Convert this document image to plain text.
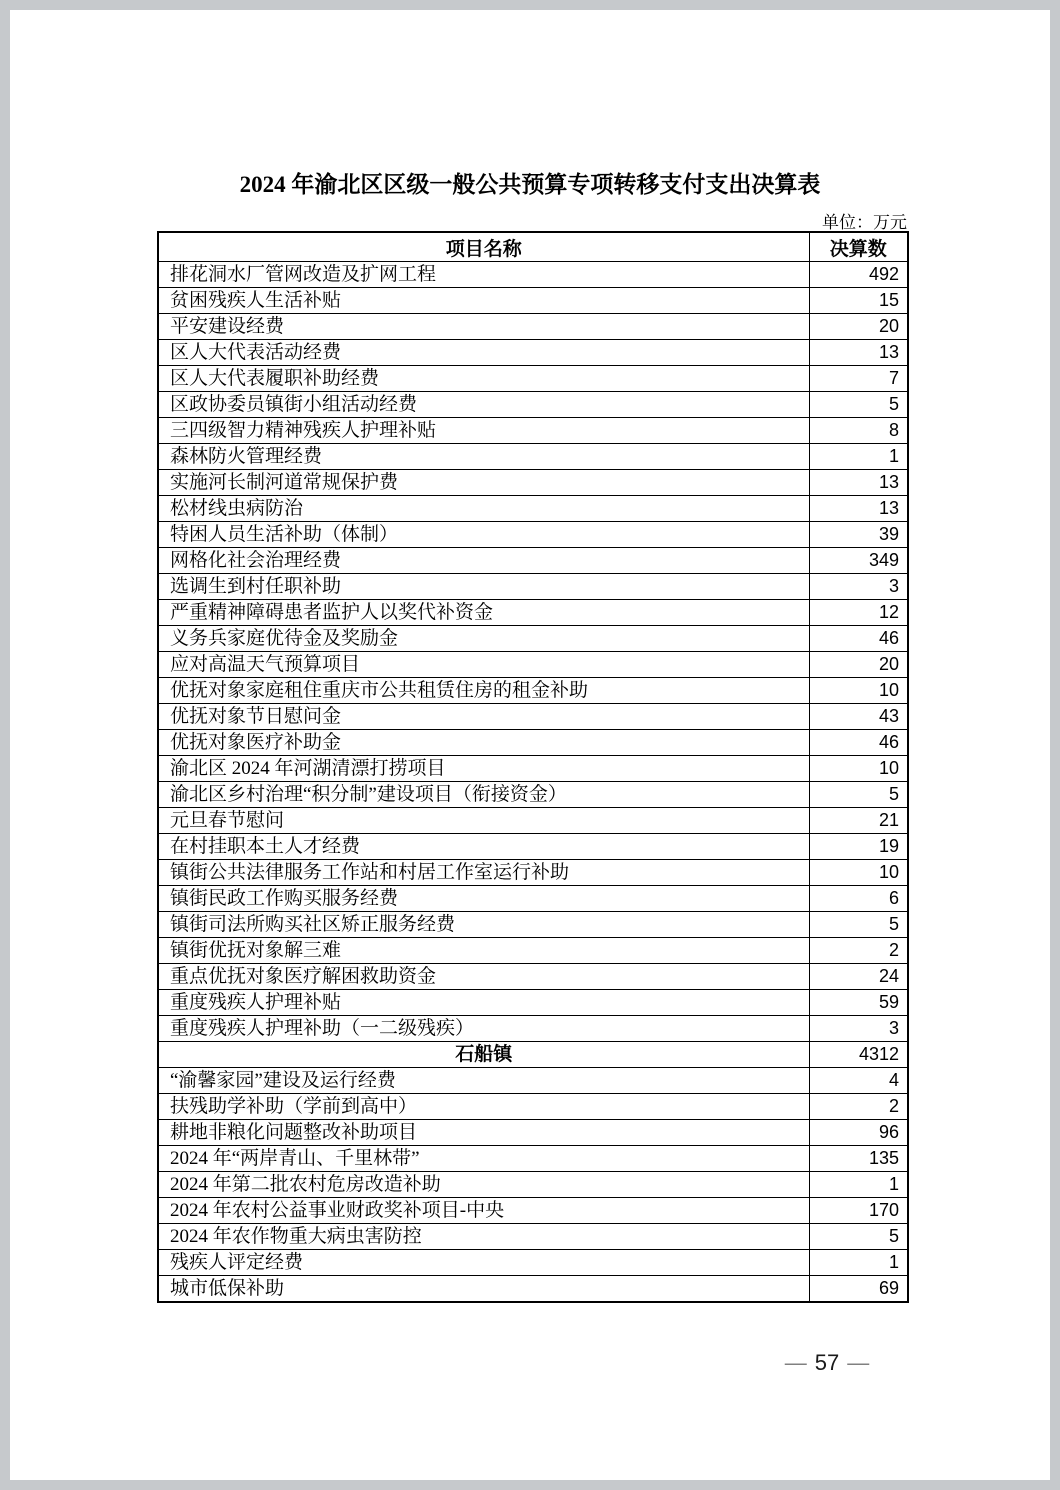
2024 年渝北区区级一般公共预算专项转移支付支出决算表
单位：万元
项目名称	决算数
排花洞水厂管网改造及扩网工程	492
贫困残疾人生活补贴	15
平安建设经费	20
区人大代表活动经费	13
区人大代表履职补助经费	7
区政协委员镇街小组活动经费	5
三四级智力精神残疾人护理补贴	8
森林防火管理经费	1
实施河长制河道常规保护费	13
松材线虫病防治	13
特困人员生活补助（体制）	39
网格化社会治理经费	349
选调生到村任职补助	3
严重精神障碍患者监护人以奖代补资金	12
义务兵家庭优待金及奖励金	46
应对高温天气预算项目	20
优抚对象家庭租住重庆市公共租赁住房的租金补助	10
优抚对象节日慰问金	43
优抚对象医疗补助金	46
渝北区 2024 年河湖清漂打捞项目	10
渝北区乡村治理“积分制”建设项目（衔接资金）	5
元旦春节慰问	21
在村挂职本土人才经费	19
镇街公共法律服务工作站和村居工作室运行补助	10
镇街民政工作购买服务经费	6
镇街司法所购买社区矫正服务经费	5
镇街优抚对象解三难	2
重点优抚对象医疗解困救助资金	24
重度残疾人护理补贴	59
重度残疾人护理补助（一二级残疾）	3
石船镇	4312
“渝馨家园”建设及运行经费	4
扶残助学补助（学前到高中）	2
耕地非粮化问题整改补助项目	96
2024 年“两岸青山、千里林带”	135
2024 年第二批农村危房改造补助	1
2024 年农村公益事业财政奖补项目-中央	170
2024 年农作物重大病虫害防控	5
残疾人评定经费	1
城市低保补助	69
— 57 —
